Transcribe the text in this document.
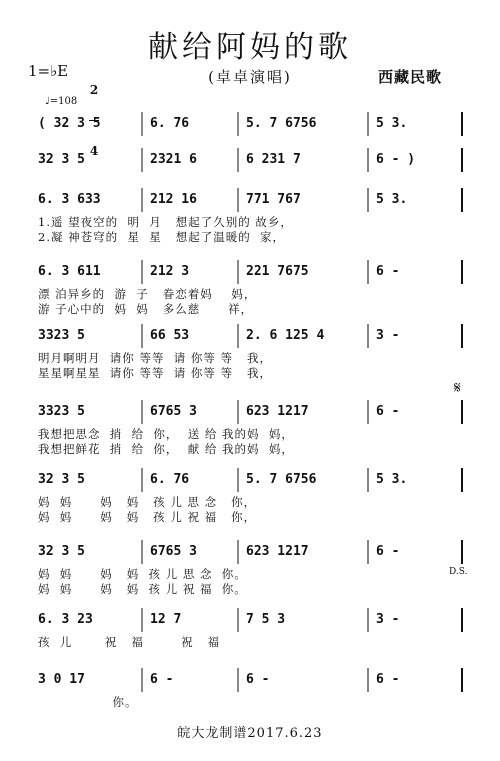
献给阿妈的歌
(卓卓演唱)	西藏民歌
1=♭E

2

4

♩=108
( 32 3 5	6. 76	5. 7 6756	5 3.
32 3 5	2321 6	6 231 7	6 - )
6. 3 633	212 16	771 767	5 3.
1.遥 望夜空的  明  月   想起了久别的 故乡，
2.凝 神苍穹的  星  星   想起了温暖的  家，
6. 3 611	212 3	221 7675	6 -
漂 泊异乡的  游  子   眷恋着妈    妈，
游 子心中的  妈  妈   多么慈      祥，
3323 5	66 53	2. 6 125 4	3 -
明月啊明月  请你 等等  请 你等 等   我，
星星啊星星  请你 等等  请 你等 等   我，
3323 5	6765 3	623 1217	6 -
我想把思念  捎  给  你，  送 给 我的妈  妈，
我想把鲜花  捎  给  你，  献 给 我的妈  妈，
32 3 5	6. 76	5. 7 6756	5 3.
妈  妈      妈   妈   孩 儿 思 念   你，
妈  妈      妈   妈   孩 儿 祝 福   你，
32 3 5	6765 3	623 1217	6 -
妈  妈      妈   妈  孩 儿 思 念  你。
妈  妈      妈   妈  孩 儿 祝 福  你。
6. 3 23	12 7	7 5 3	3 -
孩  儿       祝   福        祝   福
3 0 17	6 -	6 -	6 -
你。
𝄋
D.S.
皖大龙制谱2017.6.23
